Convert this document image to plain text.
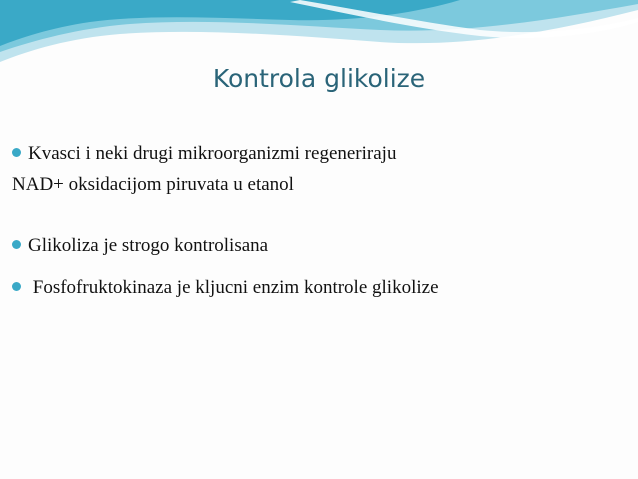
Kontrola glikolize
Kvasci i neki drugi mikroorganizmi regeneriraju
NAD+ oksidacijom piruvata u etanol
Glikoliza je strogo kontrolisana
Fosfofruktokinaza je kljucni enzim kontrole glikolize
